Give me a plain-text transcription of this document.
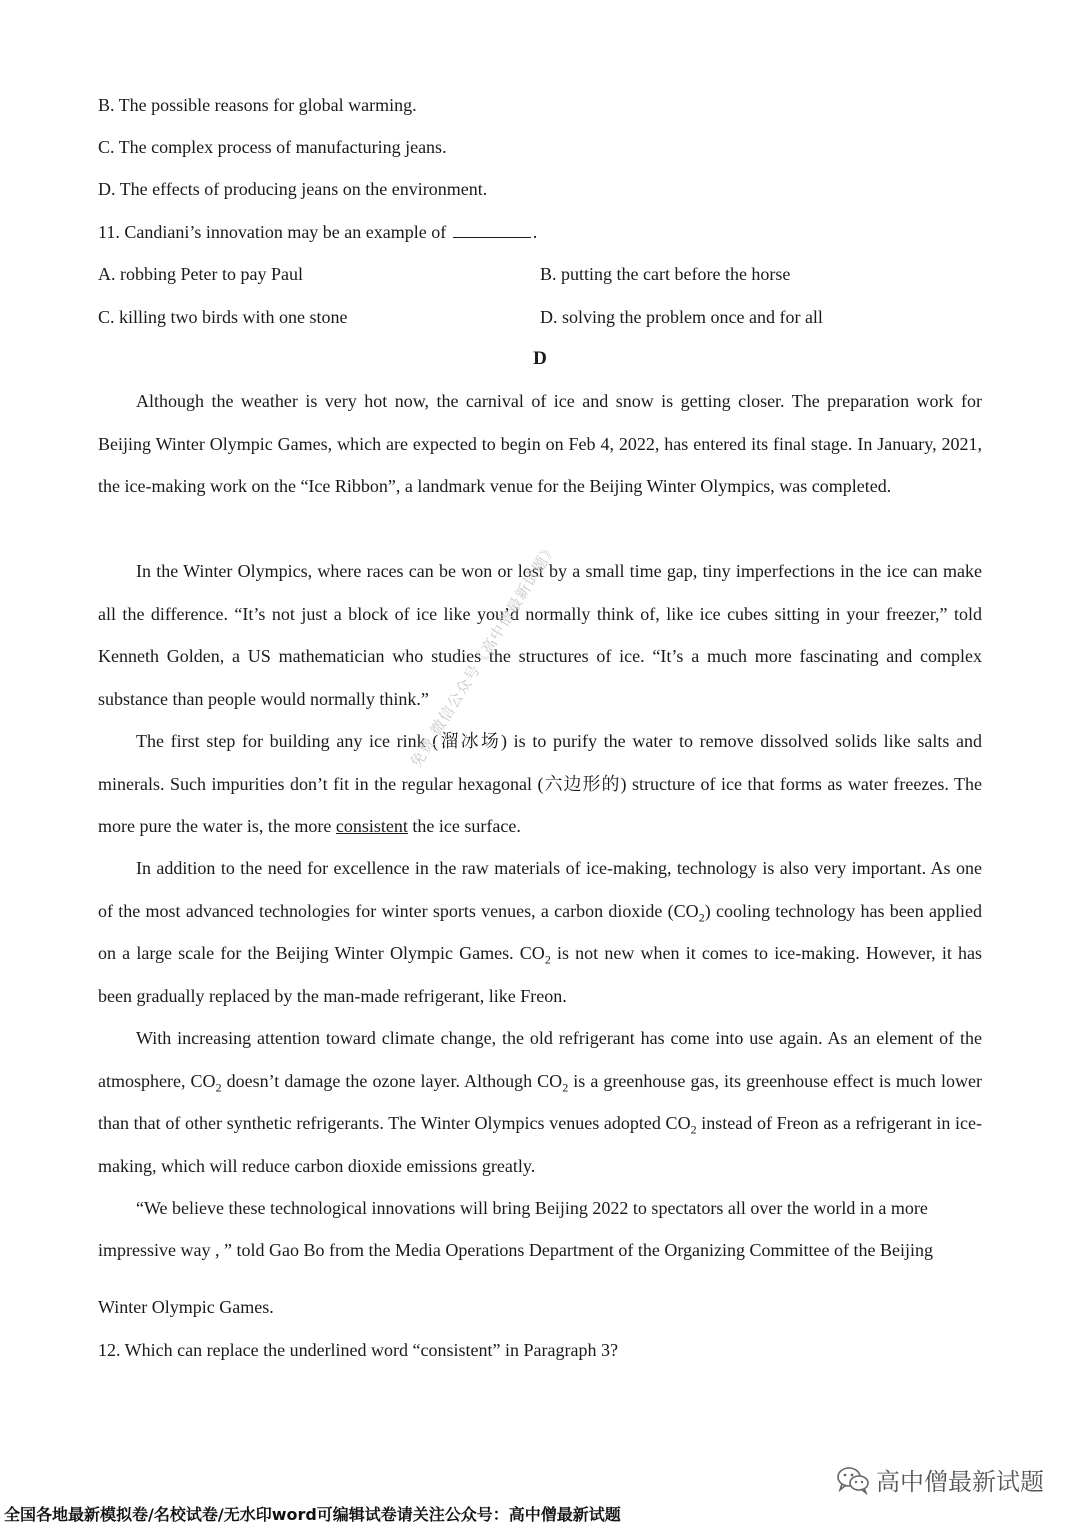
B. The possible reasons for global warming.
C. The complex process of manufacturing jeans.
D. The effects of producing jeans on the environment.
11. Candiani’s innovation may be an example of	.
A. robbing Peter to pay Paul	B. putting the cart before the horse
C. killing two birds with one stone	D. solving the problem once and for all
D
Although the weather is very hot now, the carnival of ice and snow is getting closer. The preparation work for Beijing Winter Olympic Games, which are expected to begin on Feb 4, 2022, has entered its final stage. In January, 2021, the ice-making work on the “Ice Ribbon”, a landmark venue for the Beijing Winter Olympics, was completed.
In the Winter Olympics, where races can be won or lost by a small time gap, tiny imperfections in the ice can make all the difference. “It’s not just a block of ice like you’d normally think of, like ice cubes sitting in your freezer,” told Kenneth Golden, a US mathematician who studies the structures of ice. “It’s a much more fascinating and complex substance than people would normally think.”
The first step for building any ice rink (溜冰场) is to purify the water to remove dissolved solids like salts and minerals. Such impurities don’t fit in the regular hexagonal (六边形的) structure of ice that forms as water freezes. The more pure the water is, the more consistent the ice surface.
In addition to the need for excellence in the raw materials of ice-making, technology is also very important. As one of the most advanced technologies for winter sports venues, a carbon dioxide $(CO_2)$ cooling technology has been applied on a large scale for the Beijing Winter Olympic Games. $CO_2$ is not new when it comes to ice-making. However, it has been gradually replaced by the man-made refrigerant, like Freon.
With increasing attention toward climate change, the old refrigerant has come into use again. As an element of the atmosphere, $CO_2$ doesn’t damage the ozone layer. Although $CO_2$ is a greenhouse gas, its greenhouse effect is much lower than that of other synthetic refrigerants. The Winter Olympics venues adopted $CO_2$ instead of Freon as a refrigerant in ice-making, which will reduce carbon dioxide emissions greatly.
“We believe these technological innovations will bring Beijing 2022 to spectators all over the world in a more
impressive way , ” told Gao Bo from the Media Operations Department of the Organizing Committee of the Beijing
Winter Olympic Games.
12. Which can replace the underlined word “consistent” in Paragraph 3?
免费 微信公众号《高中僧最新试题》
高中僧最新试题
全国各地最新模拟卷/名校试卷/无水印word可编辑试卷请关注公众号：高中僧最新试题
